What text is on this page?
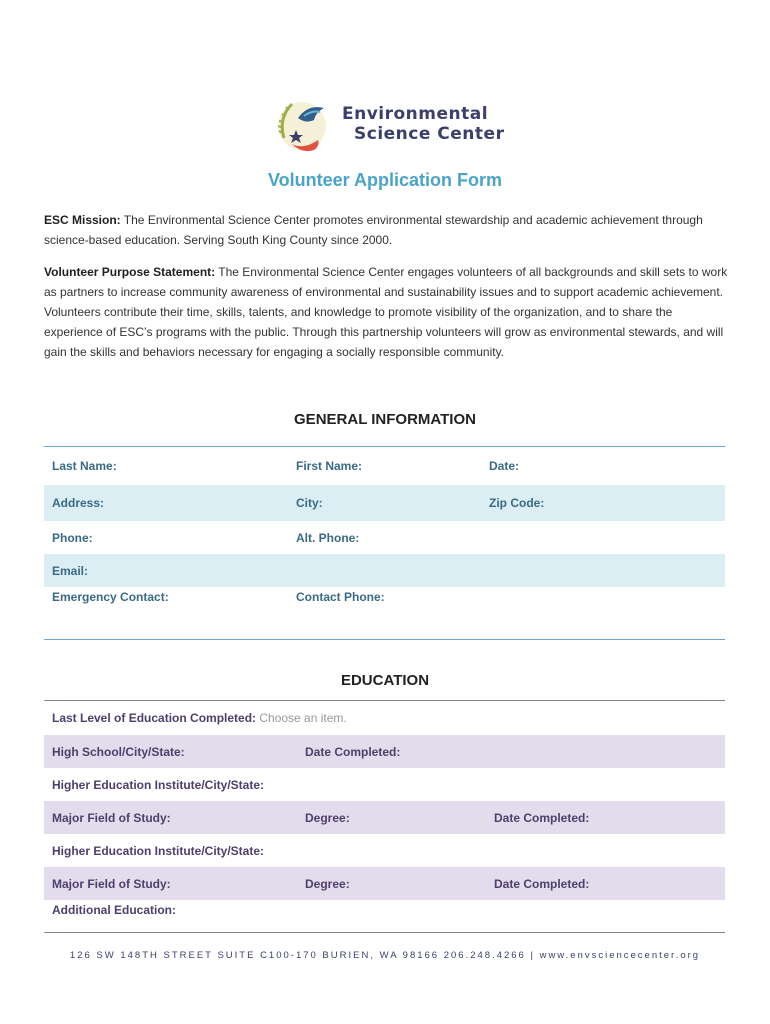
Environmental
Science Center
Volunteer Application Form
ESC Mission: The Environmental Science Center promotes environmental stewardship and academic achievement through science-based education. Serving South King County since 2000.
Volunteer Purpose Statement: The Environmental Science Center engages volunteers of all backgrounds and skill sets to work as partners to increase community awareness of environmental and sustainability issues and to support academic achievement. Volunteers contribute their time, skills, talents, and knowledge to promote visibility of the organization, and to share the experience of ESC’s programs with the public. Through this partnership volunteers will grow as environmental stewards, and will gain the skills and behaviors necessary for engaging a socially responsible community.
GENERAL INFORMATION
Last Name:	First Name:	Date:
Address:	City:	Zip Code:
Phone:	Alt. Phone:
Email:
Emergency Contact:	Contact Phone:
EDUCATION
Last Level of Education Completed: Choose an item.
High School/City/State:	Date Completed:
Higher Education Institute/City/State:
Major Field of Study:	Degree:	Date Completed:
Higher Education Institute/City/State:
Major Field of Study:	Degree:	Date Completed:
Additional Education:
126 SW 148TH STREET SUITE C100-170 BURIEN, WA 98166 206.248.4266 | www.envsciencecenter.org
